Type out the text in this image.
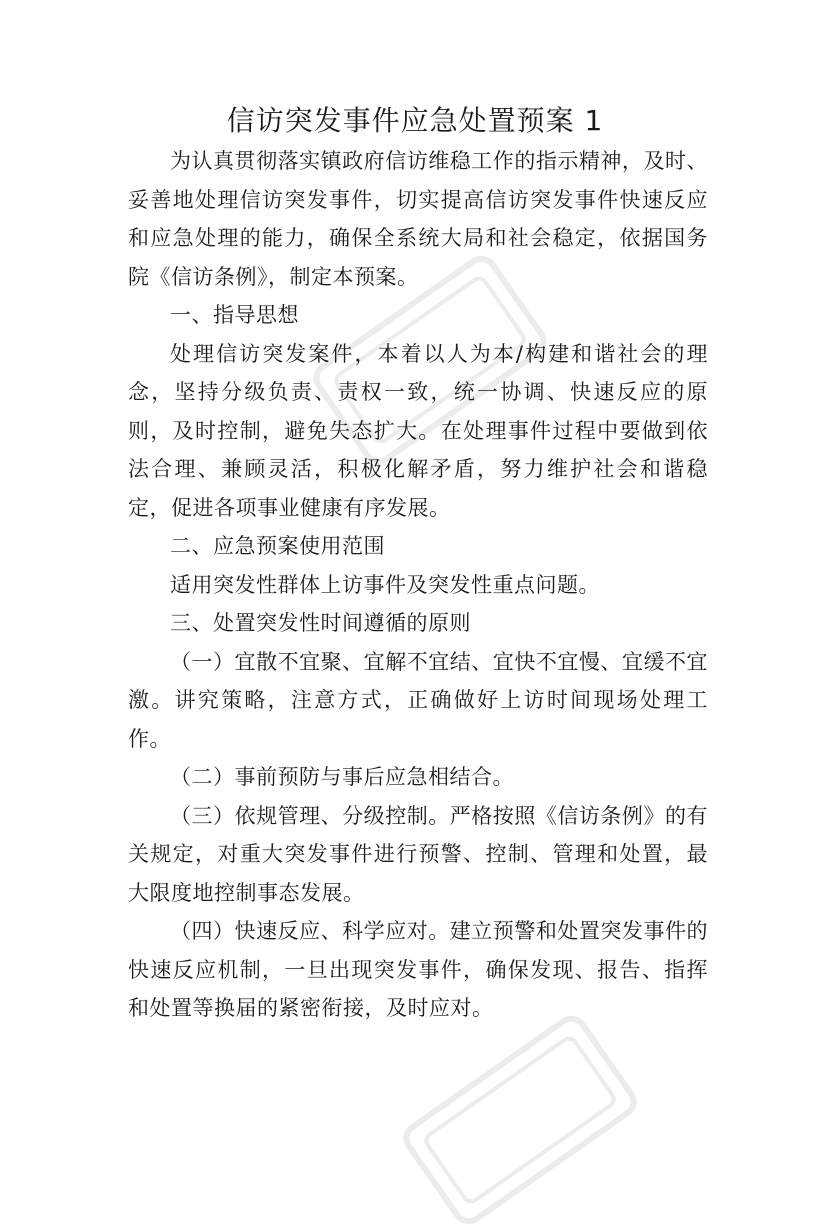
信访突发事件应急处置预案 1

为认真贯彻落实镇政府信访维稳工作的指示精神，及时、妥善地处理信访突发事件，切实提高信访突发事件快速反应和应急处理的能力，确保全系统大局和社会稳定，依据国务院《信访条例》，制定本预案。

一、指导思想

处理信访突发案件，本着以人为本/构建和谐社会的理念，坚持分级负责、责权一致，统一协调、快速反应的原则，及时控制，避免失态扩大。在处理事件过程中要做到依法合理、兼顾灵活，积极化解矛盾，努力维护社会和谐稳定，促进各项事业健康有序发展。

二、应急预案使用范围

适用突发性群体上访事件及突发性重点问题。

三、处置突发性时间遵循的原则

（一）宜散不宜聚、宜解不宜结、宜快不宜慢、宜缓不宜激。讲究策略，注意方式，正确做好上访时间现场处理工作。

（二）事前预防与事后应急相结合。

（三）依规管理、分级控制。严格按照《信访条例》的有关规定，对重大突发事件进行预警、控制、管理和处置，最大限度地控制事态发展。

（四）快速反应、科学应对。建立预警和处置突发事件的快速反应机制，一旦出现突发事件，确保发现、报告、指挥和处置等换届的紧密衔接，及时应对。
